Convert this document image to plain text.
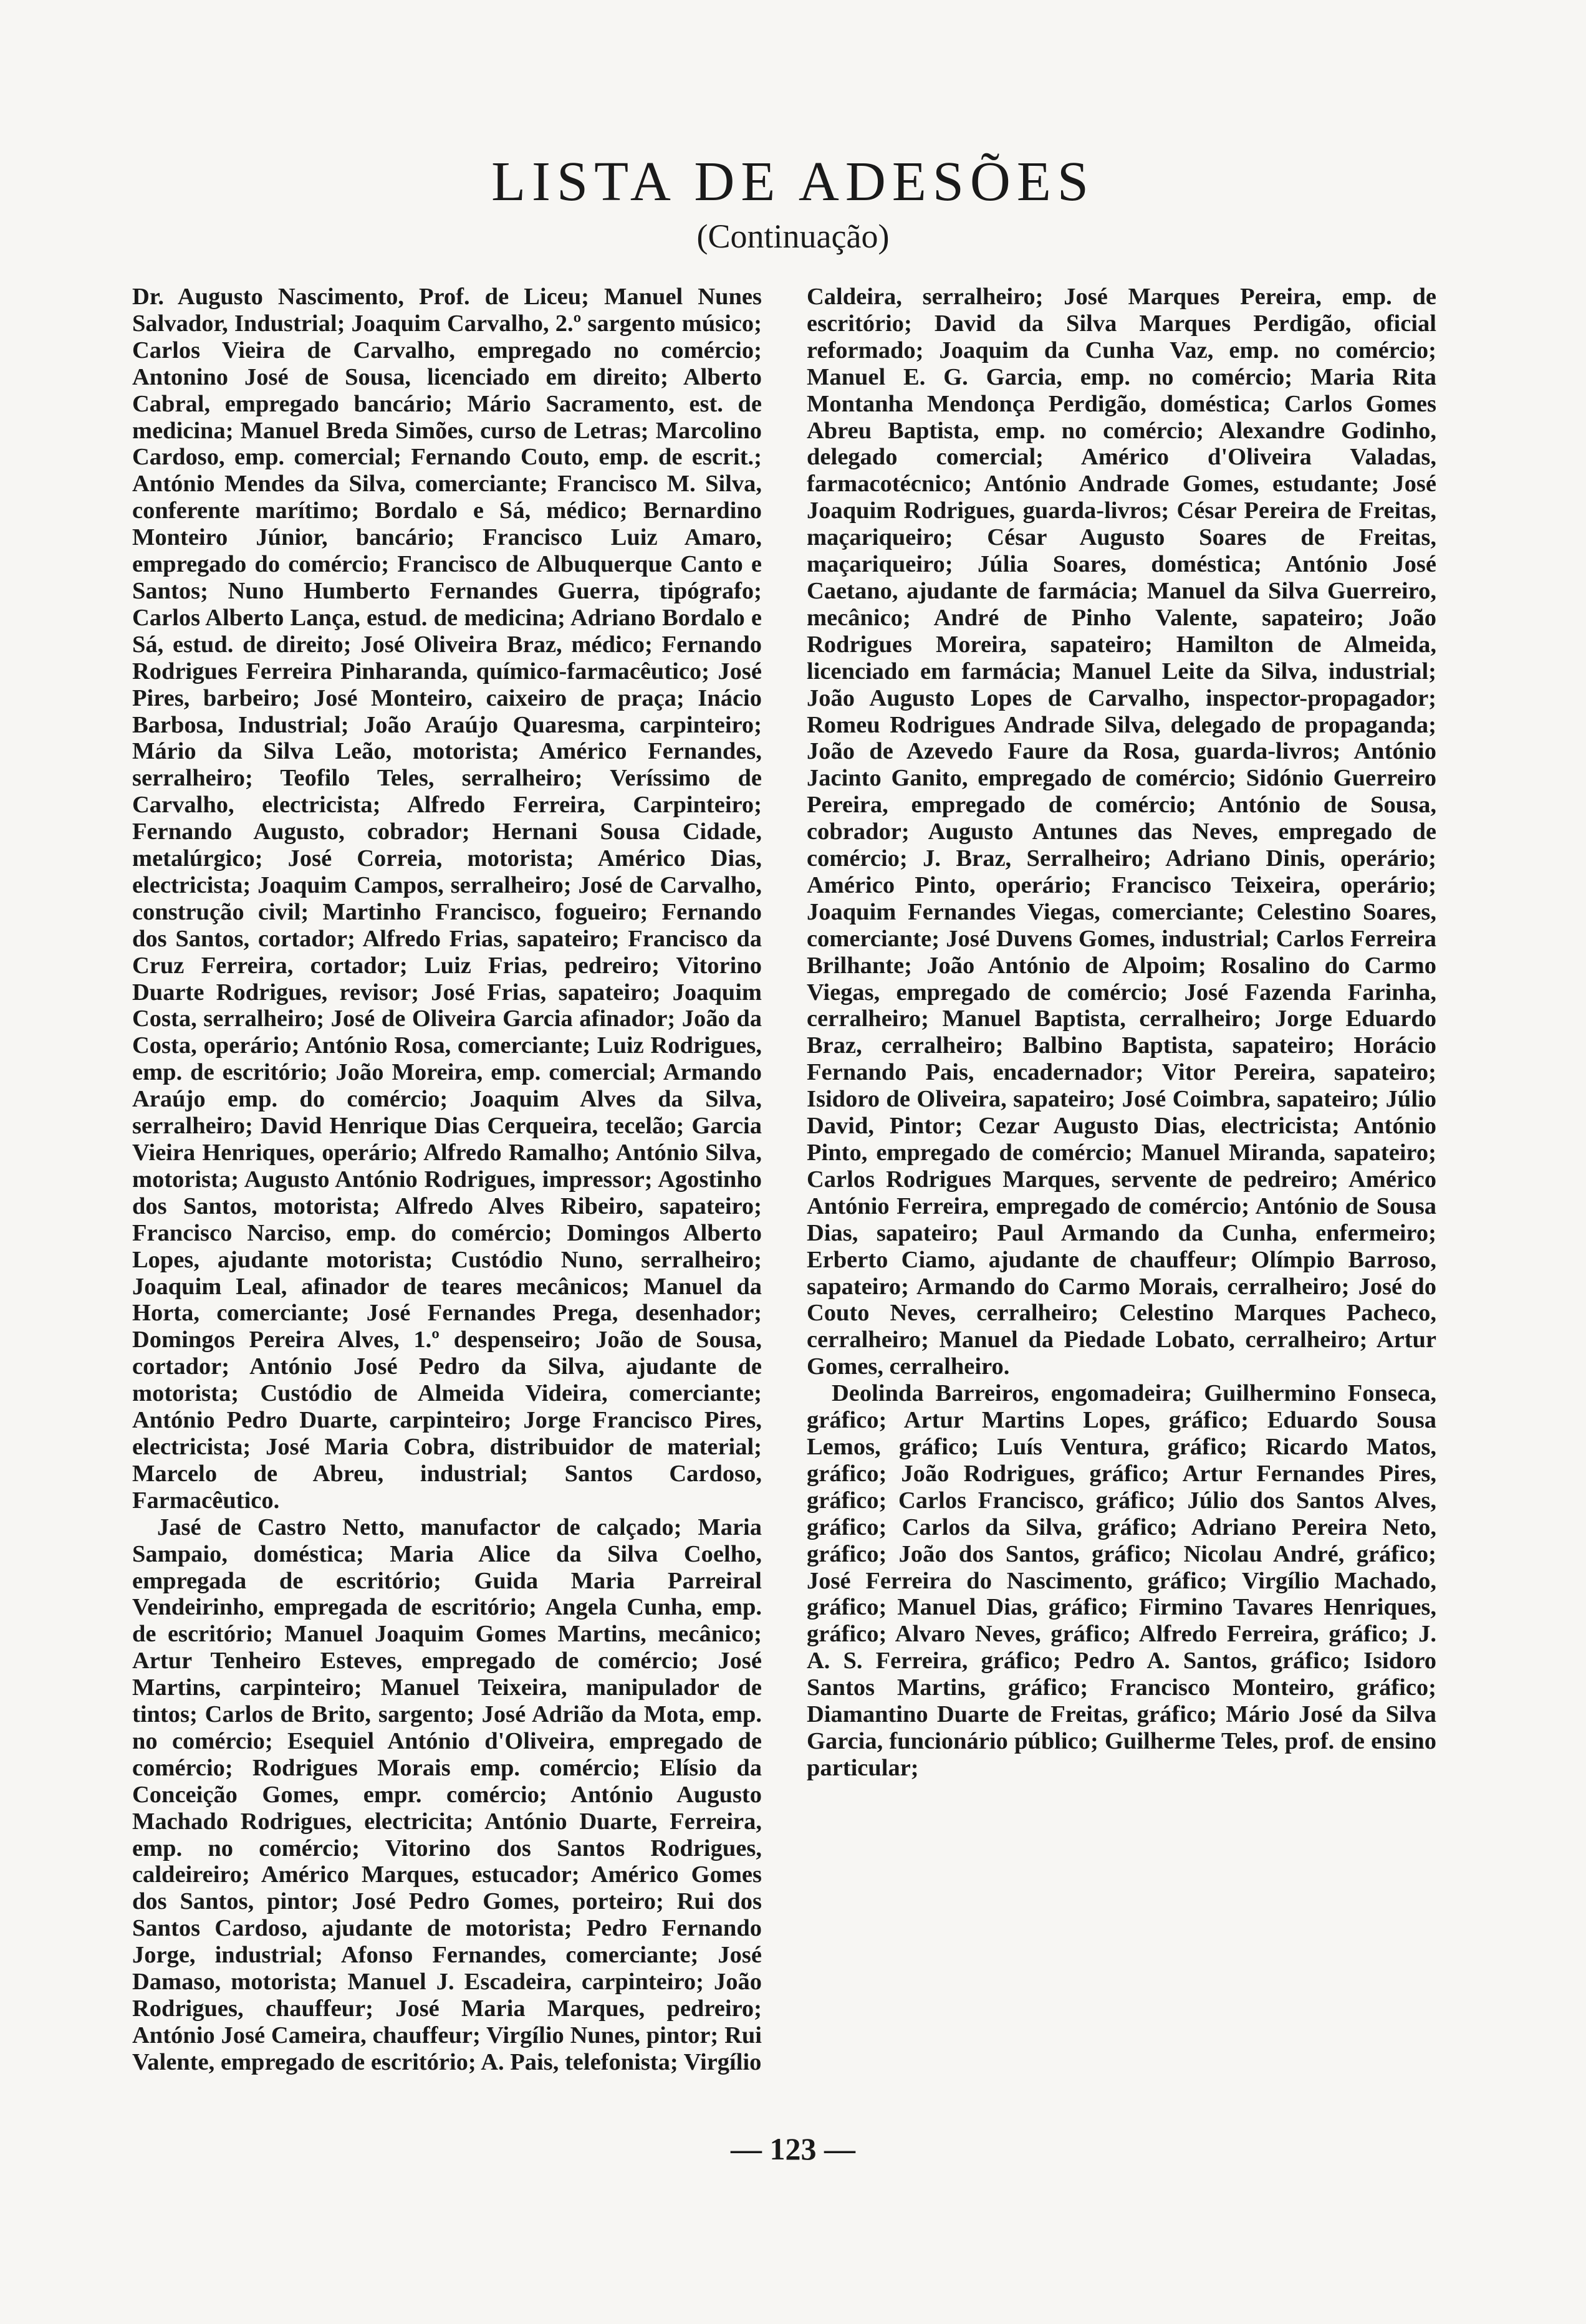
LISTA DE ADESÕES
(Continuação)

Dr. Augusto Nascimento, Prof. de Liceu; Manuel Nunes Salvador, Industrial; Joaquim Carvalho, 2.º sargento músico; Carlos Vieira de Carvalho, empregado no comércio; Antonino José de Sousa, licenciado em direito; Alberto Cabral, empregado bancário; Mário Sacramento, est. de medicina; Manuel Breda Simões, curso de Letras; Marcolino Cardoso, emp. comercial; Fernando Couto, emp. de escrit.; António Mendes da Silva, comerciante; Francisco M. Silva, conferente marítimo; Bordalo e Sá, médico; Bernardino Monteiro Júnior, bancário; Francisco Luiz Amaro, empregado do comércio; Francisco de Albuquerque Canto e Santos; Nuno Humberto Fernandes Guerra, tipógrafo; Carlos Alberto Lança, estud. de medicina; Adriano Bordalo e Sá, estud. de direito; José Oliveira Braz, médico; Fernando Rodrigues Ferreira Pinharanda, químico-farmacêutico; José Pires, barbeiro; José Monteiro, caixeiro de praça; Inácio Barbosa, Industrial; João Araújo Quaresma, carpinteiro; Mário da Silva Leão, motorista; Américo Fernandes, serralheiro; Teofilo Teles, serralheiro; Veríssimo de Carvalho, electricista; Alfredo Ferreira, Carpinteiro; Fernando Augusto, cobrador; Hernani Sousa Cidade, metalúrgico; José Correia, motorista; Américo Dias, electricista; Joaquim Campos, serralheiro; José de Carvalho, construção civil; Martinho Francisco, fogueiro; Fernando dos Santos, cortador; Alfredo Frias, sapateiro; Francisco da Cruz Ferreira, cortador; Luiz Frias, pedreiro; Vitorino Duarte Rodrigues, revisor; José Frias, sapateiro; Joaquim Costa, serralheiro; José de Oliveira Garcia afinador; João da Costa, operário; António Rosa, comerciante; Luiz Rodrigues, emp. de escritório; João Moreira, emp. comercial; Armando Araújo emp. do comércio; Joaquim Alves da Silva, serralheiro; David Henrique Dias Cerqueira, tecelão; Garcia Vieira Henriques, operário; Alfredo Ramalho; António Silva, motorista; Augusto António Rodrigues, impressor; Agostinho dos Santos, motorista; Alfredo Alves Ribeiro, sapateiro; Francisco Narciso, emp. do comércio; Domingos Alberto Lopes, ajudante motorista; Custódio Nuno, serralheiro; Joaquim Leal, afinador de teares mecânicos; Manuel da Horta, comerciante; José Fernandes Prega, desenhador; Domingos Pereira Alves, 1.º despenseiro; João de Sousa, cortador; António José Pedro da Silva, ajudante de motorista; Custódio de Almeida Videira, comerciante; António Pedro Duarte, carpinteiro; Jorge Francisco Pires, electricista; José Maria Cobra, distribuidor de material; Marcelo de Abreu, industrial; Santos Cardoso, Farmacêutico.

Jasé de Castro Netto, manufactor de calçado; Maria Sampaio, doméstica; Maria Alice da Silva Coelho, empregada de escritório; Guida Maria Parreiral Vendeirinho, empregada de escritório; Angela Cunha, emp. de escritório; Manuel Joaquim Gomes Martins, mecânico; Artur Tenheiro Esteves, empregado de comércio; José Martins, carpinteiro; Manuel Teixeira, manipulador de tintos; Carlos de Brito, sargento; José Adrião da Mota, emp. no comércio; Esequiel António d'Oliveira, empregado de comércio; Rodrigues Morais emp. comércio; Elísio da Conceição Gomes, empr. comércio; António Augusto Machado Rodrigues, electricita; António Duarte, Ferreira, emp. no comércio; Vitorino dos Santos Rodrigues, caldeireiro; Américo Marques, estucador; Américo Gomes dos Santos, pintor; José Pedro Gomes, porteiro; Rui dos Santos Cardoso, ajudante de motorista; Pedro Fernando Jorge, industrial; Afonso Fernandes, comerciante; José Damaso, motorista; Manuel J. Escadeira, carpinteiro; João Rodrigues, chauffeur; José Maria Marques, pedreiro; António José Cameira, chauffeur; Virgílio Nunes, pintor; Rui Valente, empregado de escritório; A. Pais, telefonista; Virgílio

Caldeira, serralheiro; José Marques Pereira, emp. de escritório; David da Silva Marques Perdigão, oficial reformado; Joaquim da Cunha Vaz, emp. no comércio; Manuel E. G. Garcia, emp. no comércio; Maria Rita Montanha Mendonça Perdigão, doméstica; Carlos Gomes Abreu Baptista, emp. no comércio; Alexandre Godinho, delegado comercial; Américo d'Oliveira Valadas, farmacotécnico; António Andrade Gomes, estudante; José Joaquim Rodrigues, guarda-livros; César Pereira de Freitas, maçariqueiro; César Augusto Soares de Freitas, maçariqueiro; Júlia Soares, doméstica; António José Caetano, ajudante de farmácia; Manuel da Silva Guerreiro, mecânico; André de Pinho Valente, sapateiro; João Rodrigues Moreira, sapateiro; Hamilton de Almeida, licenciado em farmácia; Manuel Leite da Silva, industrial; João Augusto Lopes de Carvalho, inspector-propagador; Romeu Rodrigues Andrade Silva, delegado de propaganda; João de Azevedo Faure da Rosa, guarda-livros; António Jacinto Ganito, empregado de comércio; Sidónio Guerreiro Pereira, empregado de comércio; António de Sousa, cobrador; Augusto Antunes das Neves, empregado de comércio; J. Braz, Serralheiro; Adriano Dinis, operário; Américo Pinto, operário; Francisco Teixeira, operário; Joaquim Fernandes Viegas, comerciante; Celestino Soares, comerciante; José Duvens Gomes, industrial; Carlos Ferreira Brilhante; João António de Alpoim; Rosalino do Carmo Viegas, empregado de comércio; José Fazenda Farinha, cerralheiro; Manuel Baptista, cerralheiro; Jorge Eduardo Braz, cerralheiro; Balbino Baptista, sapateiro; Horácio Fernando Pais, encadernador; Vitor Pereira, sapateiro; Isidoro de Oliveira, sapateiro; José Coimbra, sapateiro; Júlio David, Pintor; Cezar Augusto Dias, electricista; António Pinto, empregado de comércio; Manuel Miranda, sapateiro; Carlos Rodrigues Marques, servente de pedreiro; Américo António Ferreira, empregado de comércio; António de Sousa Dias, sapateiro; Paul Armando da Cunha, enfermeiro; Erberto Ciamo, ajudante de chauffeur; Olímpio Barroso, sapateiro; Armando do Carmo Morais, cerralheiro; José do Couto Neves, cerralheiro; Celestino Marques Pacheco, cerralheiro; Manuel da Piedade Lobato, cerralheiro; Artur Gomes, cerralheiro.

Deolinda Barreiros, engomadeira; Guilhermino Fonseca, gráfico; Artur Martins Lopes, gráfico; Eduardo Sousa Lemos, gráfico; Luís Ventura, gráfico; Ricardo Matos, gráfico; João Rodrigues, gráfico; Artur Fernandes Pires, gráfico; Carlos Francisco, gráfico; Júlio dos Santos Alves, gráfico; Carlos da Silva, gráfico; Adriano Pereira Neto, gráfico; João dos Santos, gráfico; Nicolau André, gráfico; José Ferreira do Nascimento, gráfico; Virgílio Machado, gráfico; Manuel Dias, gráfico; Firmino Tavares Henriques, gráfico; Alvaro Neves, gráfico; Alfredo Ferreira, gráfico; J. A. S. Ferreira, gráfico; Pedro A. Santos, gráfico; Isidoro Santos Martins, gráfico; Francisco Monteiro, gráfico; Diamantino Duarte de Freitas, gráfico; Mário José da Silva Garcia, funcionário público; Guilherme Teles, prof. de ensino particular;

— 123 —
